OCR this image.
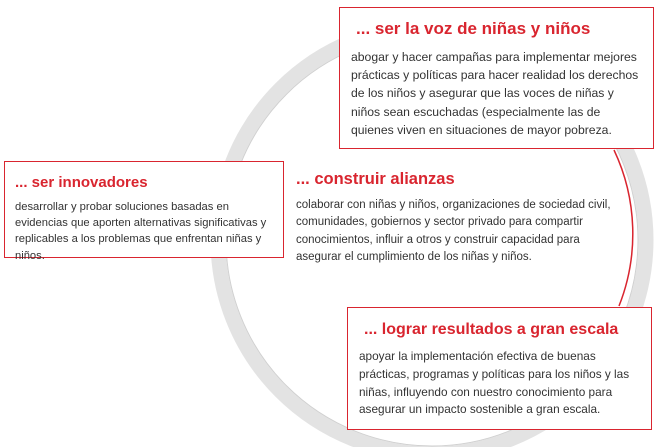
... ser la voz de niñas y niños

abogar y hacer campañas para implementar mejores prácticas y políticas para hacer realidad los derechos de los niños y asegurar que las voces de niñas y niños sean escuchadas (especialmente las de quienes viven en situaciones de mayor pobreza.

... ser innovadores

desarrollar y probar soluciones basadas en evidencias que aporten alternativas significativas y replicables a los problemas que enfrentan niñas y niños.

... construir alianzas

colaborar con niñas y niños, organizaciones de sociedad civil, comunidades, gobiernos y sector privado para compartir conocimientos, influir a otros y construir capacidad para asegurar el cumplimiento de los niñas y niños.

... lograr resultados a gran escala

apoyar la implementación efectiva de buenas prácticas, programas y políticas para los niños y las niñas, influyendo con nuestro conocimiento para asegurar un impacto sostenible a gran escala.
